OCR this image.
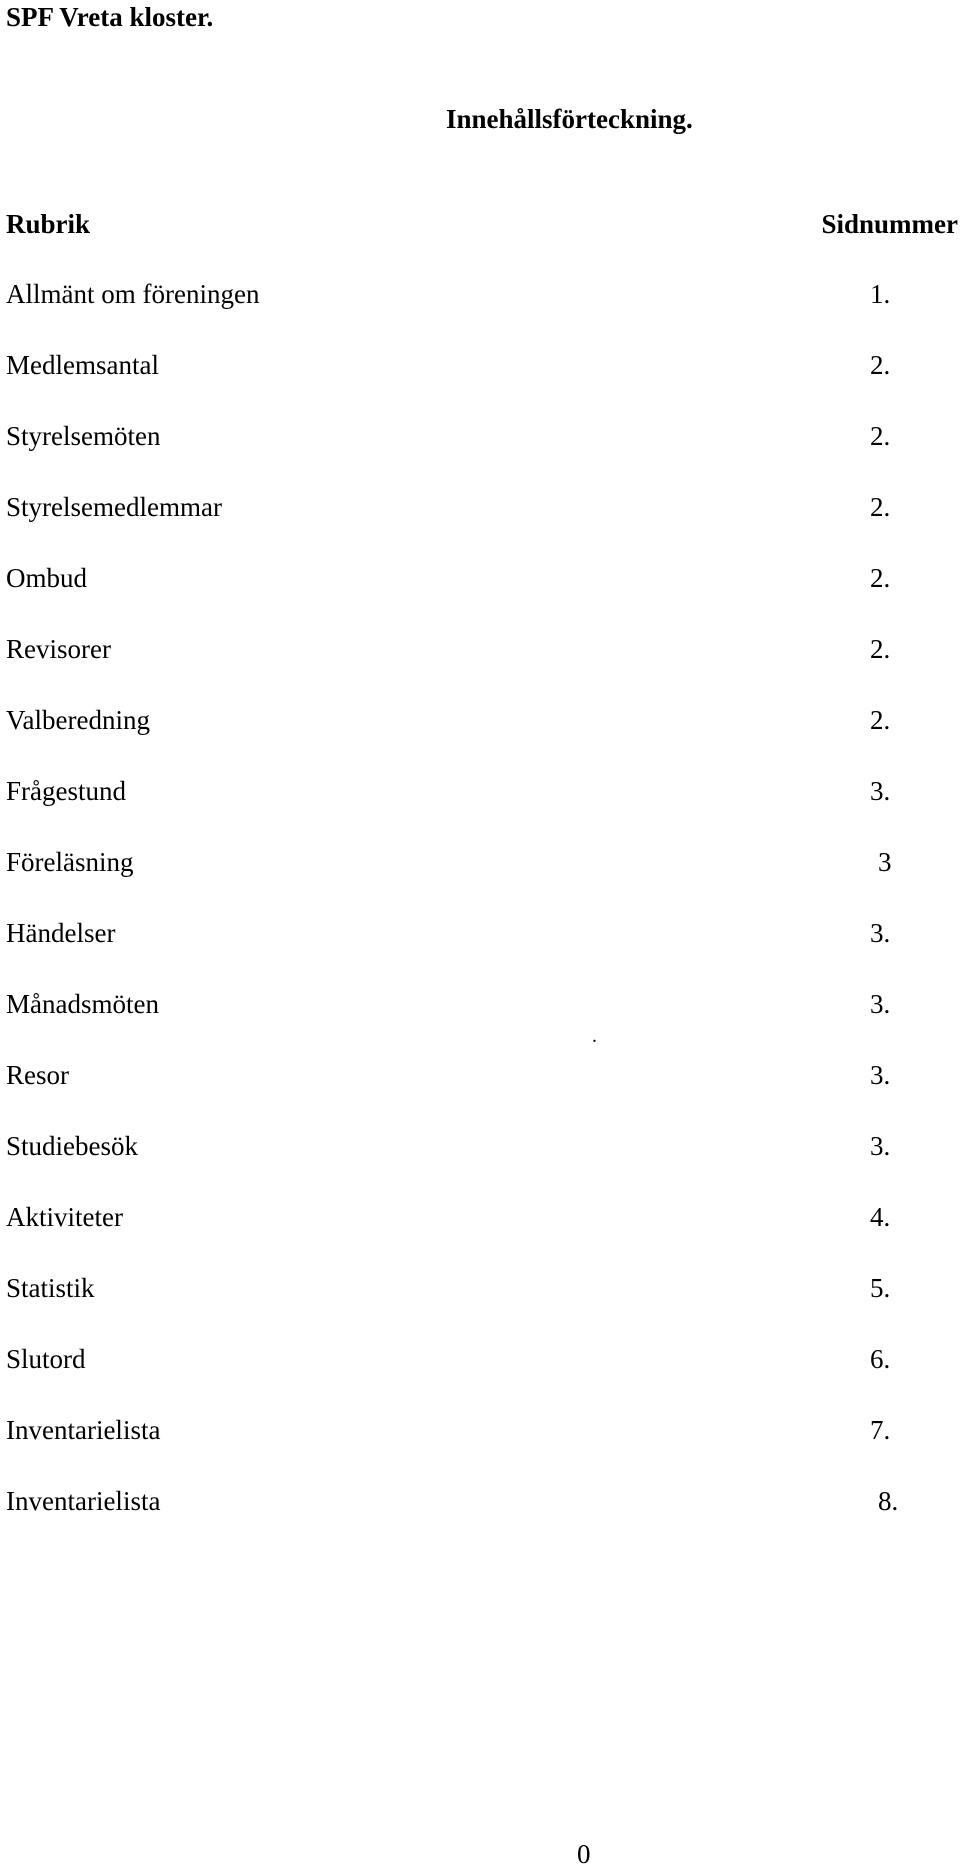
SPF Vreta kloster.
Innehållsförteckning.
Rubrik	Sidnummer
Allmänt om föreningen	1.
Medlemsantal	2.
Styrelsemöten	2.
Styrelsemedlemmar	2.
Ombud	2.
Revisorer	2.
Valberedning	2.
Frågestund	3.
Föreläsning	3
Händelser	3.
Månadsmöten	3.
Resor	3.
Studiebesök	3.
Aktiviteter	4.
Statistik	5.
Slutord	6.
Inventarielista	7.
Inventarielista	8.
.
0
